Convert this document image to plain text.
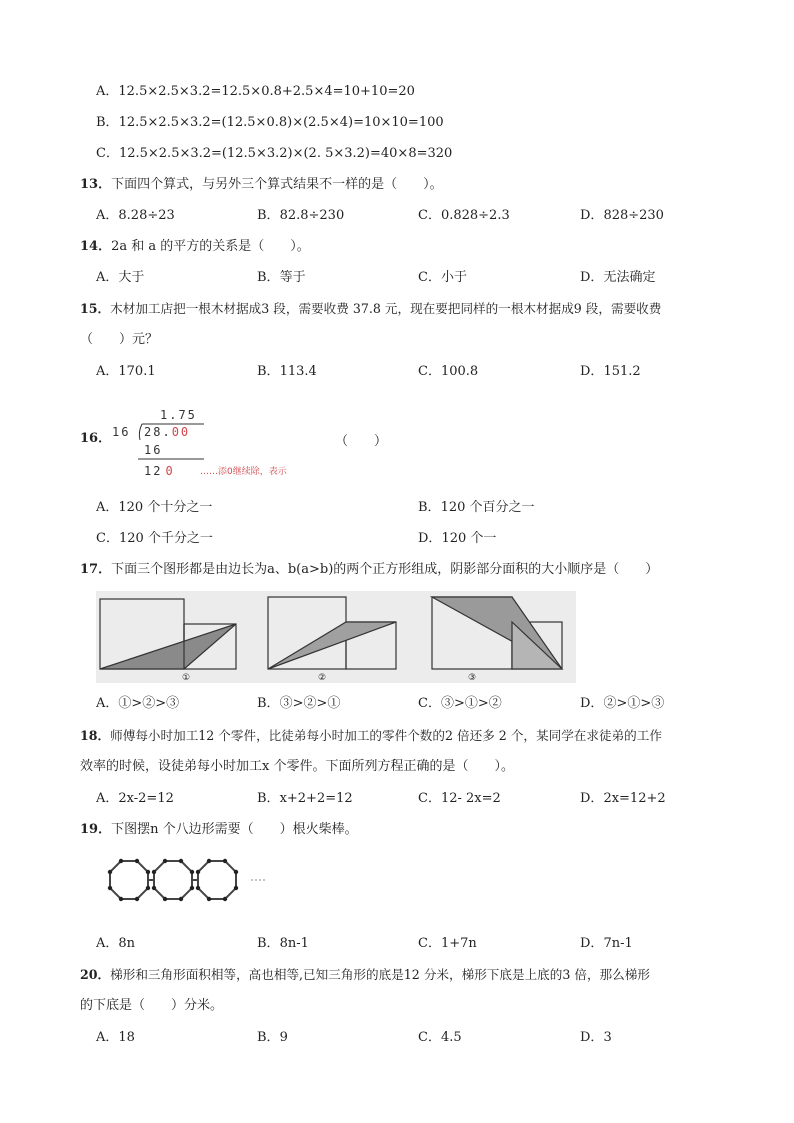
A．12.5×2.5×3.2=12.5×0.8+2.5×4=10+10=20
B．12.5×2.5×3.2=(12.5×0.8)×(2.5×4)=10×10=100
C．12.5×2.5×3.2=(12.5×3.2)×(2. 5×3.2)=40×8=320
13．下面四个算式，与另外三个算式结果不一样的是（　　）。
A．8.28÷23	B．82.8÷230	C．0.828÷2.3	D．828÷230
14．2a 和 a 的平方的关系是（　　）。
A．大于	B．等于	C．小于	D．无法确定
15．木材加工店把一根木材据成3 段，需要收费 37.8 元，现在要把同样的一根木材据成9 段，需要收费
（　　）元？
A．170.1	B．113.4	C．100.8	D．151.2
16．
1.75
16 28.00
16
12 0	……添0继续除，表示
（　　）
A．120 个十分之一	B．120 个百分之一
C．120 个千分之一	D．120 个一
17．下面三个图形都是由边长为a、b(a>b)的两个正方形组成，阴影部分面积的大小顺序是（　　）
①	②	③
A．①>②>③	B．③>②>①	C．③>①>②	D．②>①>③
18．师傅每小时加工12 个零件，比徒弟每小时加工的零件个数的2 倍还多 2 个，某同学在求徒弟的工作
效率的时候，设徒弟每小时加工x 个零件。下面所列方程正确的是（　　）。
A．2x-2=12	B．x+2+2=12	C．12- 2x=2	D．2x=12+2
19．下图摆n 个八边形需要（　　）根火柴棒。
A．8n	B．8n-1	C．1+7n	D．7n-1
20．梯形和三角形面积相等，高也相等,已知三角形的底是12 分米，梯形下底是上底的3 倍，那么梯形
的下底是（　　）分米。
A．18	B．9	C．4.5	D．3
